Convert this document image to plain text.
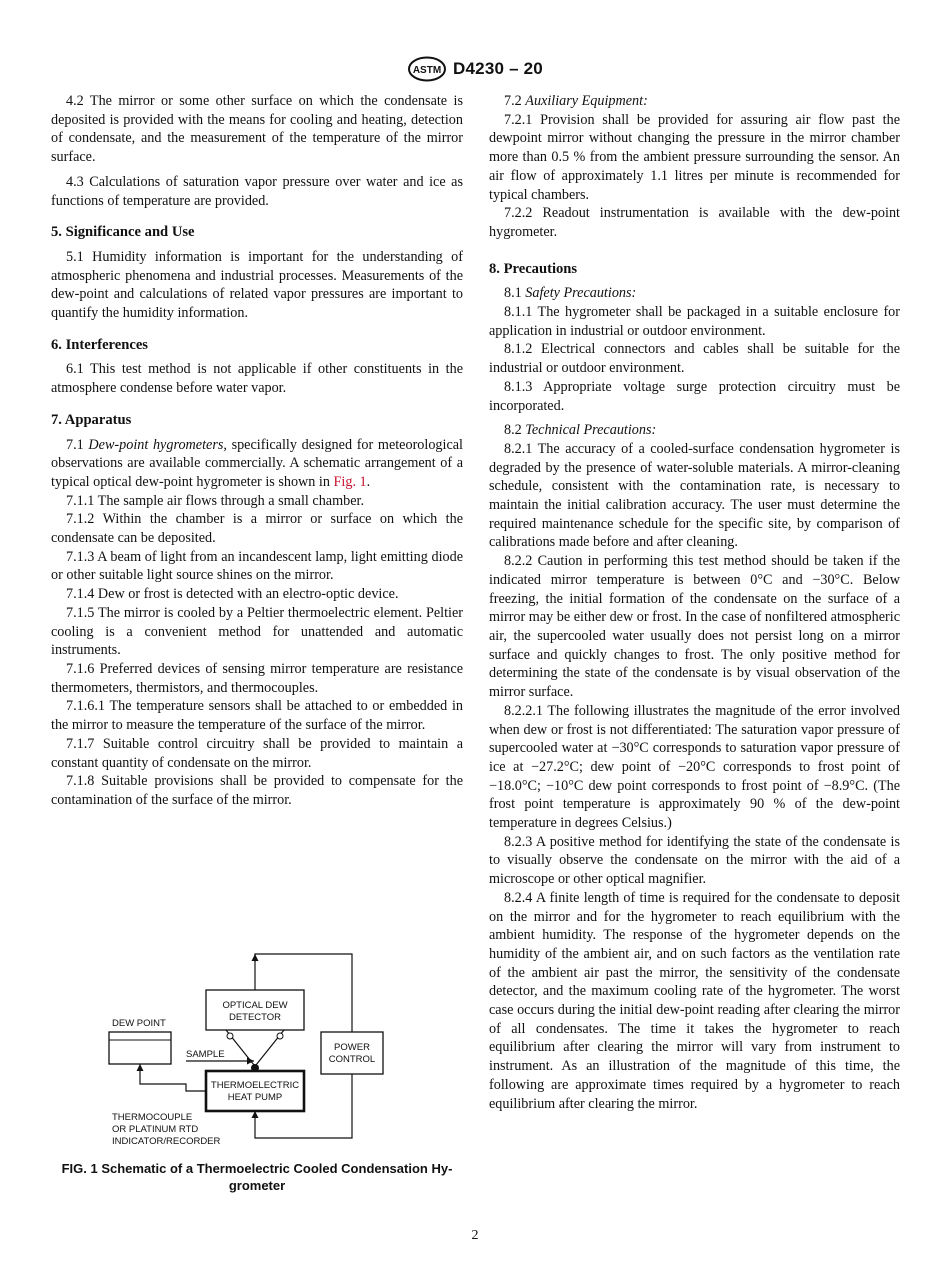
ASTM D4230 – 20

4.2 The mirror or some other surface on which the condensate is deposited is provided with the means for cooling and heating, detection of condensate, and the measurement of the temperature of the mirror surface.

4.3 Calculations of saturation vapor pressure over water and ice as functions of temperature are provided.

5. Significance and Use

5.1 Humidity information is important for the understanding of atmospheric phenomena and industrial processes. Measurements of the dew-point and calculations of related vapor pressures are important to quantify the humidity information.

6. Interferences

6.1 This test method is not applicable if other constituents in the atmosphere condense before water vapor.

7. Apparatus

7.1 Dew-point hygrometers, specifically designed for meteorological observations are available commercially. A schematic arrangement of a typical optical dew-point hygrometer is shown in Fig. 1.

7.1.1 The sample air flows through a small chamber.

7.1.2 Within the chamber is a mirror or surface on which the condensate can be deposited.

7.1.3 A beam of light from an incandescent lamp, light emitting diode or other suitable light source shines on the mirror.

7.1.4 Dew or frost is detected with an electro-optic device.

7.1.5 The mirror is cooled by a Peltier thermoelectric element. Peltier cooling is a convenient method for unattended and automatic instruments.

7.1.6 Preferred devices of sensing mirror temperature are resistance thermometers, thermistors, and thermocouples.

7.1.6.1 The temperature sensors shall be attached to or embedded in the mirror to measure the temperature of the surface of the mirror.

7.1.7 Suitable control circuitry shall be provided to maintain a constant quantity of condensate on the mirror.

7.1.8 Suitable provisions shall be provided to compensate for the contamination of the surface of the mirror.

OPTICAL DEW
DETECTOR
DEW POINT
SAMPLE
THERMOELECTRIC
HEAT PUMP
POWER
CONTROL
THERMOCOUPLE
OR PLATINUM RTD
INDICATOR/RECORDER
FIG. 1 Schematic of a Thermoelectric Cooled Condensation Hy-
grometer

7.2 Auxiliary Equipment:

7.2.1 Provision shall be provided for assuring air flow past the dewpoint mirror without changing the pressure in the mirror chamber more than 0.5 % from the ambient pressure surrounding the sensor. An air flow of approximately 1.1 litres per minute is recommended for typical chambers.

7.2.2 Readout instrumentation is available with the dew-point hygrometer.

8. Precautions

8.1 Safety Precautions:

8.1.1 The hygrometer shall be packaged in a suitable enclosure for application in industrial or outdoor environment.

8.1.2 Electrical connectors and cables shall be suitable for the industrial or outdoor environment.

8.1.3 Appropriate voltage surge protection circuitry must be incorporated.

8.2 Technical Precautions:

8.2.1 The accuracy of a cooled-surface condensation hygrometer is degraded by the presence of water-soluble materials. A mirror-cleaning schedule, consistent with the contamination rate, is necessary to maintain the initial calibration accuracy. The user must determine the required maintenance schedule for the specific site, by comparison of calibrations made before and after cleaning.

8.2.2 Caution in performing this test method should be taken if the indicated mirror temperature is between 0°C and −30°C. Below freezing, the initial formation of the condensate on the surface of a mirror may be either dew or frost. In the case of nonfiltered atmospheric air, the supercooled water usually does not persist long on a mirror surface and quickly changes to frost. The only positive method for determining the state of the condensate is by visual observation of the mirror surface.

8.2.2.1 The following illustrates the magnitude of the error involved when dew or frost is not differentiated: The saturation vapor pressure of supercooled water at −30°C corresponds to saturation vapor pressure of ice at −27.2°C; dew point of −20°C corresponds to frost point of −18.0°C; −10°C dew point corresponds to frost point of −8.9°C. (The frost point temperature is approximately 90 % of the dew-point temperature in degrees Celsius.)

8.2.3 A positive method for identifying the state of the condensate is to visually observe the condensate on the mirror with the aid of a microscope or other optical magnifier.

8.2.4 A finite length of time is required for the condensate to deposit on the mirror and for the hygrometer to reach equilibrium with the ambient humidity. The response of the hygrometer depends on the humidity of the ambient air, and on such factors as the ventilation rate of the ambient air past the mirror, the sensitivity of the condensate detector, and the maximum cooling rate of the hygrometer. The worst case occurs during the initial dew-point reading after clearing the mirror of all condensates. The time it takes the hygrometer to reach equilibrium after clearing the mirror will vary from instrument to instrument. As an illustration of the magnitude of this time, the following are approximate times required by a hygrometer to reach equilibrium after clearing the mirror.

2
